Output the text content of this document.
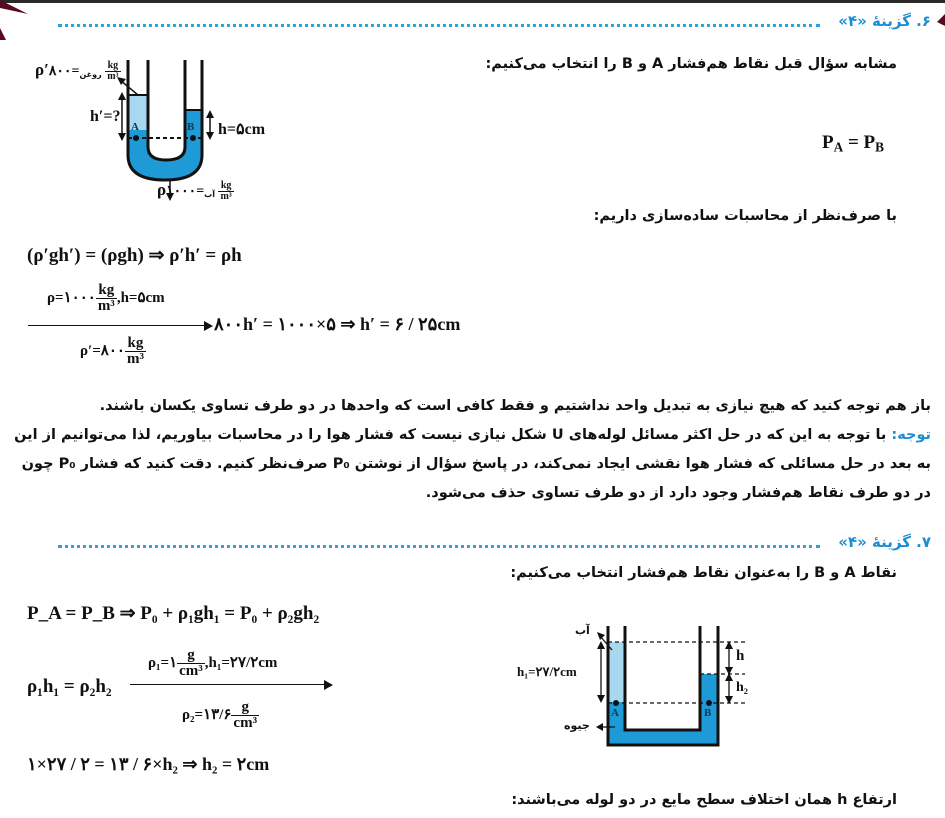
۶. گزینهٔ «۴»
مشابه سؤال قبل نقاط هم‌فشار A و B را انتخاب می‌کنیم:
ρ′	$_{روغن}$=۸۰۰	$\frac{kg}{\text{m³}}$
h′=?
A	B h=۵cm
ρ	$_{آب}$=۱۰۰۰ $\frac{kg}{\text{m³}}$
$P_A = P_B$
با صرف‌نظر از محاسبات ساده‌سازی داریم:
(ρ′gh′) = (ρgh) ⇒ ρ′h′ = ρh
ρ=۱۰۰۰ $\frac{kg}{\text{m³}}$ ,h=۵cm
ρ′=۸۰۰ $\frac{kg}{\text{m³}}$
۸۰۰h′ = ۱۰۰۰×۵ ⇒ h′ = ۶ / ۲۵cm
باز هم توجه کنید که هیچ نیازی به تبدیل واحد نداشتیم و فقط کافی است که واحدها در دو طرف تساوی یکسان باشند.
توجه: با توجه به این که در حل اکثر مسائل لوله‌های U شکل نیازی نیست که فشار هوا را در محاسبات بیاوریم، لذا می‌توانیم از این به بعد در حل مسائلی که فشار هوا نقشی ایجاد نمی‌کند، در پاسخ سؤال از نوشتن P₀ صرف‌نظر کنیم. دقت کنید که فشار P₀ چون در دو طرف نقاط هم‌فشار وجود دارد از دو طرف تساوی حذف می‌شود.
۷. گزینهٔ «۴»
نقاط A و B را به‌عنوان نقاط هم‌فشار انتخاب می‌کنیم:
P_A = P_B ⇒ P₀ + ρ₁gh₁ = P₀ + ρ₂gh₂
ρ₁h₁ = ρ₂h₂
ρ₁=۱ $\frac{g}{\text{cm³}}$ ,h₁=۲۷/۲cm
ρ₂=۱۳/۶ $\frac{g}{\text{cm³}}$
۱×۲۷ / ۲ = ۱۳ / ۶×h₂ ⇒ h₂ = ۲cm
آب
جیوه
h₁=۲۷/۲cm
h
h₂
A	B
ارتفاع h همان اختلاف سطح مایع در دو لوله می‌باشند:
